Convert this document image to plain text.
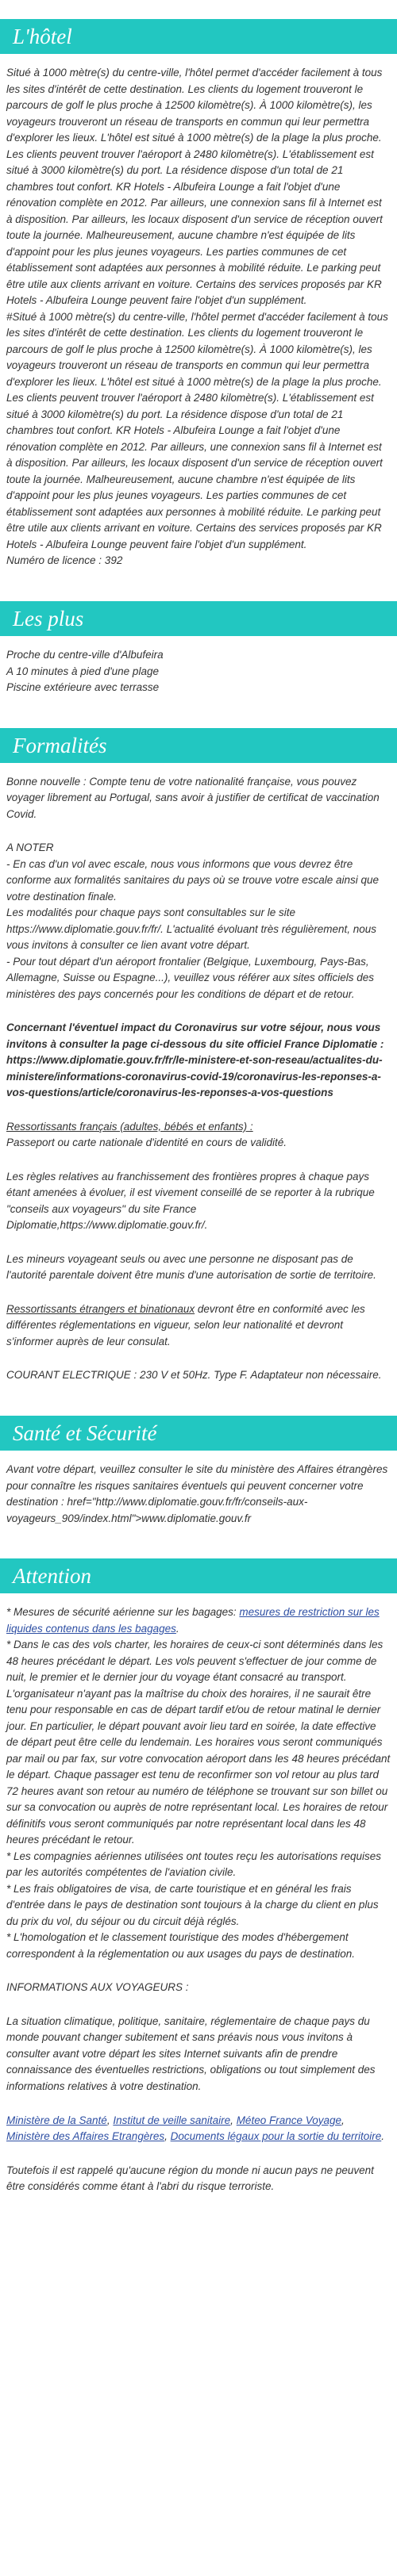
L'hôtel

Situé à 1000 mètre(s) du centre-ville, l'hôtel permet d'accéder facilement à tous les sites d'intérêt de cette destination. Les clients du logement trouveront le parcours de golf le plus proche à 12500 kilomètre(s). À 1000 kilomètre(s), les voyageurs trouveront un réseau de transports en commun qui leur permettra d'explorer les lieux. L'hôtel est situé à 1000 mètre(s) de la plage la plus proche. Les clients peuvent trouver l'aéroport à 2480 kilomètre(s). L'établissement est situé à 3000 kilomètre(s) du port. La résidence dispose d'un total de 21 chambres tout confort. KR Hotels - Albufeira Lounge a fait l'objet d'une rénovation complète en 2012. Par ailleurs, une connexion sans fil à Internet est à disposition. Par ailleurs, les locaux disposent d'un service de réception ouvert toute la journée. Malheureusement, aucune chambre n'est équipée de lits d'appoint pour les plus jeunes voyageurs. Les parties communes de cet établissement sont adaptées aux personnes à mobilité réduite. Le parking peut être utile aux clients arrivant en voiture. Certains des services proposés par KR Hotels - Albufeira Lounge peuvent faire l'objet d'un supplément.

#Situé à 1000 mètre(s) du centre-ville, l'hôtel permet d'accéder facilement à tous les sites d'intérêt de cette destination. Les clients du logement trouveront le parcours de golf le plus proche à 12500 kilomètre(s). À 1000 kilomètre(s), les voyageurs trouveront un réseau de transports en commun qui leur permettra d'explorer les lieux. L'hôtel est situé à 1000 mètre(s) de la plage la plus proche. Les clients peuvent trouver l'aéroport à 2480 kilomètre(s). L'établissement est situé à 3000 kilomètre(s) du port. La résidence dispose d'un total de 21 chambres tout confort. KR Hotels - Albufeira Lounge a fait l'objet d'une rénovation complète en 2012. Par ailleurs, une connexion sans fil à Internet est à disposition. Par ailleurs, les locaux disposent d'un service de réception ouvert toute la journée. Malheureusement, aucune chambre n'est équipée de lits d'appoint pour les plus jeunes voyageurs. Les parties communes de cet établissement sont adaptées aux personnes à mobilité réduite. Le parking peut être utile aux clients arrivant en voiture. Certains des services proposés par KR Hotels - Albufeira Lounge peuvent faire l'objet d'un supplément.

Numéro de licence : 392

Les plus

Proche du centre-ville d'Albufeira

A 10 minutes à pied d'une plage

Piscine extérieure avec terrasse

Formalités

Bonne nouvelle : Compte tenu de votre nationalité française, vous pouvez voyager librement au Portugal, sans avoir à justifier de certificat de vaccination Covid.

A NOTER

- En cas d'un vol avec escale, nous vous informons que vous devrez être conforme aux formalités sanitaires du pays où se trouve votre escale ainsi que votre destination finale.

Les modalités pour chaque pays sont consultables sur le site https://www.diplomatie.gouv.fr/fr/. L'actualité évoluant très régulièrement, nous vous invitons à consulter ce lien avant votre départ.

- Pour tout départ d'un aéroport frontalier (Belgique, Luxembourg, Pays-Bas, Allemagne, Suisse ou Espagne...), veuillez vous référer aux sites officiels des ministères des pays concernés pour les conditions de départ et de retour.

Concernant l'éventuel impact du Coronavirus sur votre séjour, nous vous invitons à consulter la page ci-dessous du site officiel France Diplomatie : https://www.diplomatie.gouv.fr/fr/le-ministere-et-son-reseau/actualites-du-ministere/informations-coronavirus-covid-19/coronavirus-les-reponses-a-vos-questions/article/coronavirus-les-reponses-a-vos-questions

Ressortissants français (adultes, bébés et enfants) :

Passeport ou carte nationale d'identité en cours de validité.

Les règles relatives au franchissement des frontières propres à chaque pays étant amenées à évoluer, il est vivement conseillé de se reporter à la rubrique "conseils aux voyageurs" du site France Diplomatie,https://www.diplomatie.gouv.fr/.

Les mineurs voyageant seuls ou avec une personne ne disposant pas de l'autorité parentale doivent être munis d'une autorisation de sortie de territoire.

Ressortissants étrangers et binationaux devront être en conformité avec les différentes réglementations en vigueur, selon leur nationalité et devront s'informer auprès de leur consulat.

COURANT ELECTRIQUE : 230 V et 50Hz. Type F. Adaptateur non nécessaire.

Santé et Sécurité

Avant votre départ, veuillez consulter le site du ministère des Affaires étrangères pour connaître les risques sanitaires éventuels qui peuvent concerner votre destination : href="http://www.diplomatie.gouv.fr/fr/conseils-aux-voyageurs_909/index.html">www.diplomatie.gouv.fr

Attention

* Mesures de sécurité aérienne sur les bagages: mesures de restriction sur les liquides contenus dans les bagages.

* Dans le cas des vols charter, les horaires de ceux-ci sont déterminés dans les 48 heures précédant le départ. Les vols peuvent s'effectuer de jour comme de nuit, le premier et le dernier jour du voyage étant consacré au transport. L'organisateur n'ayant pas la maîtrise du choix des horaires, il ne saurait être tenu pour responsable en cas de départ tardif et/ou de retour matinal le dernier jour. En particulier, le départ pouvant avoir lieu tard en soirée, la date effective de départ peut être celle du lendemain. Les horaires vous seront communiqués par mail ou par fax, sur votre convocation aéroport dans les 48 heures précédant le départ. Chaque passager est tenu de reconfirmer son vol retour au plus tard 72 heures avant son retour au numéro de téléphone se trouvant sur son billet ou sur sa convocation ou auprès de notre représentant local. Les horaires de retour définitifs vous seront communiqués par notre représentant local dans les 48 heures précédant le retour.

* Les compagnies aériennes utilisées ont toutes reçu les autorisations requises par les autorités compétentes de l'aviation civile.

* Les frais obligatoires de visa, de carte touristique et en général les frais d'entrée dans le pays de destination sont toujours à la charge du client en plus du prix du vol, du séjour ou du circuit déjà réglés.

* L'homologation et le classement touristique des modes d'hébergement correspondent à la réglementation ou aux usages du pays de destination.

INFORMATIONS AUX VOYAGEURS :

La situation climatique, politique, sanitaire, réglementaire de chaque pays du monde pouvant changer subitement et sans préavis nous vous invitons à consulter avant votre départ les sites Internet suivants afin de prendre connaissance des éventuelles restrictions, obligations ou tout simplement des informations relatives à votre destination.

Ministère de la Santé, Institut de veille sanitaire, Méteo France Voyage, Ministère des Affaires Etrangères, Documents légaux pour la sortie du territoire.

Toutefois il est rappelé qu'aucune région du monde ni aucun pays ne peuvent être considérés comme étant à l'abri du risque terroriste.
